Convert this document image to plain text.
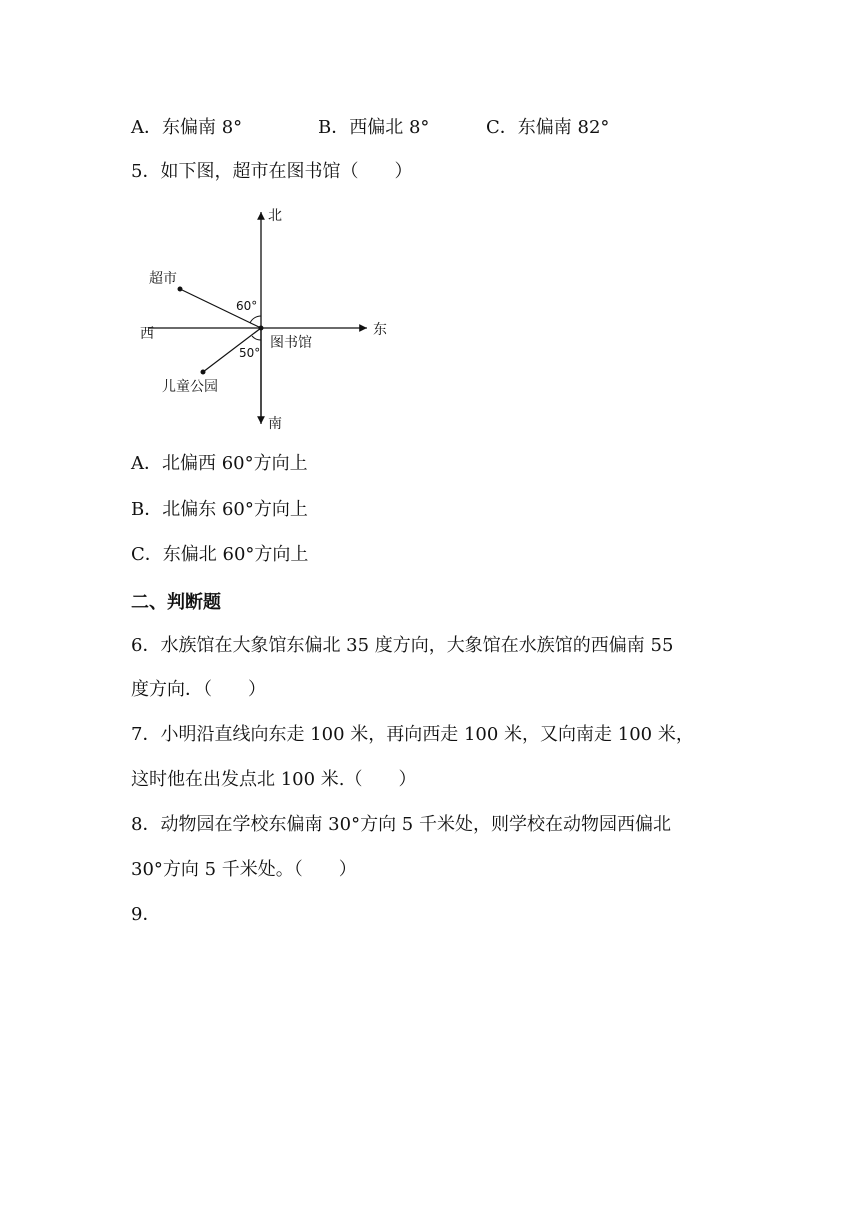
A．东偏南 8°	B．西偏北 8°	C．东偏南 82°
5．如下图，超市在图书馆（　　）
北
南
东
西
图书馆
超市
儿童公园
60°
50°
A．北偏西 60°方向上
B．北偏东 60°方向上
C．东偏北 60°方向上
二、判断题
6．水族馆在大象馆东偏北 35 度方向，大象馆在水族馆的西偏南 55
度方向．（　　）
7．小明沿直线向东走 100 米，再向西走 100 米，又向南走 100 米，
这时他在出发点北 100 米.（　　）
8．动物园在学校东偏南 30°方向 5 千米处，则学校在动物园西偏北
30°方向 5 千米处。（　　）
9．
